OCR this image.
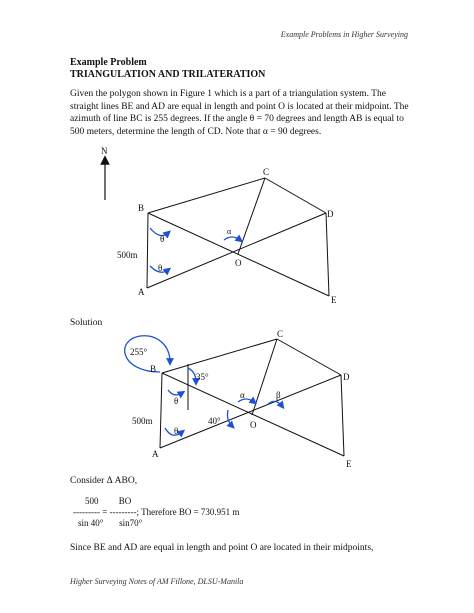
Example Problems in Higher Surveying
Example Problem
TRIANGULATION AND TRILATERATION
Given the polygon shown in Figure 1 which is a part of a triangulation system. The
straight lines BE and AD are equal in length and point O is located at their midpoint. The
azimuth of line BC is 255 degrees. If the angle θ = 70 degrees and length AB is equal to
500 meters, determine the length of CD. Note that α = 90 degrees.
N
θ
θ
α
500m
B
A
C
D
E
O
Solution
255°
35°
θ
θ
40°
α	β
500m
B
A
C
D
E
O
Consider Δ ABO,
500         BO
--------- = ---------; Therefore BO = 730.951 m
sin 40°       sin70°
Since BE and AD are equal in length and point O are located in their midpoints,
Higher Surveying Notes of AM Fillone, DLSU-Manila
